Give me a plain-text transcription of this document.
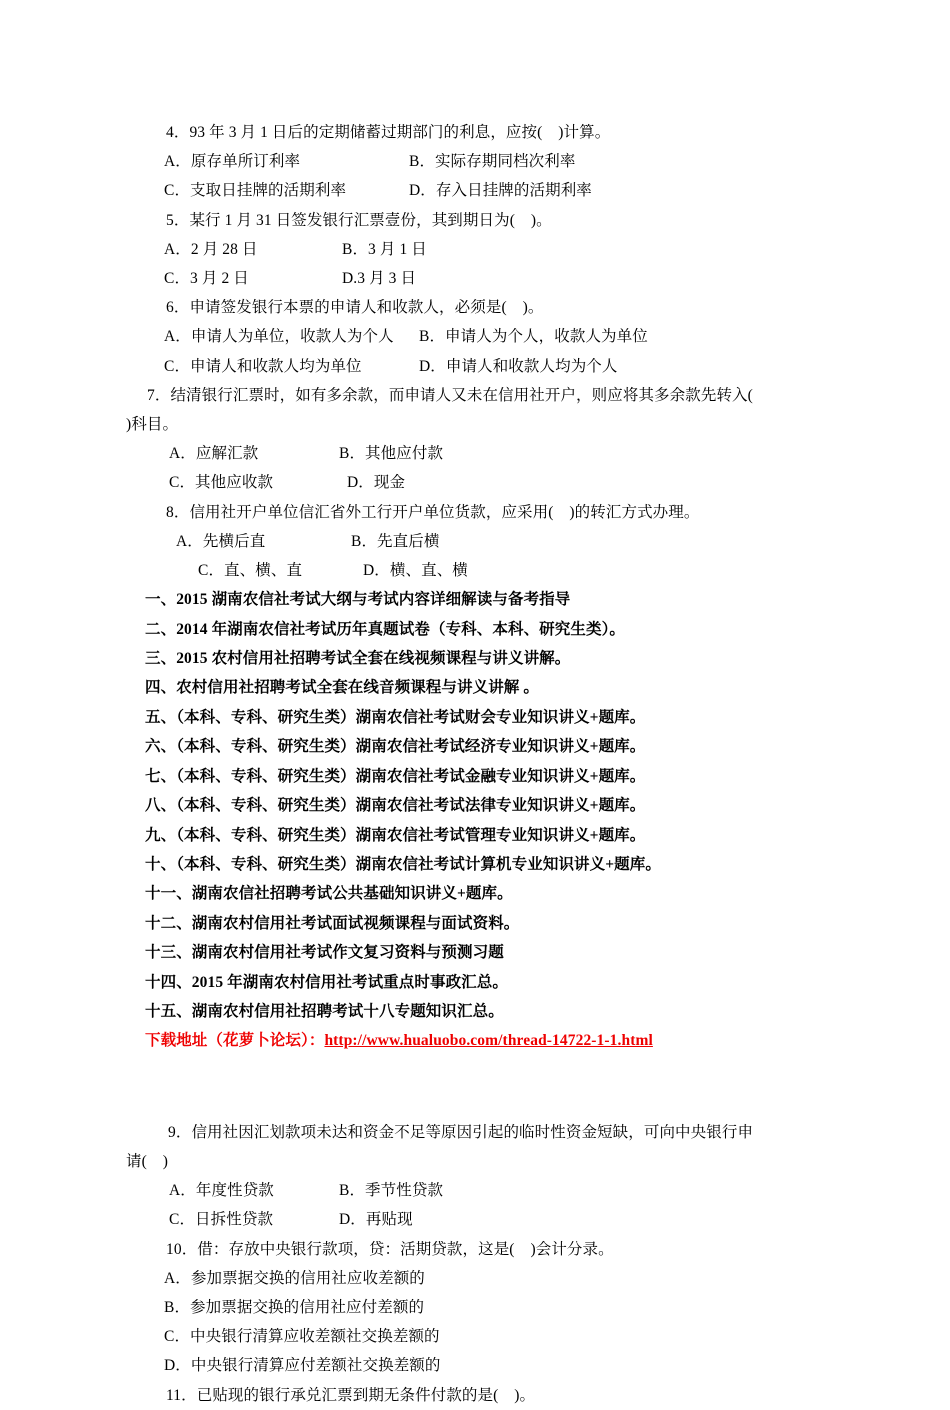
4．93 年 3 月 1 日后的定期储蓄过期部门的利息，应按(    )计算。

A．原存单所订利率	B．实际存期同档次利率

C．支取日挂牌的活期利率	D．存入日挂牌的活期利率

5．某行 1 月 31 日签发银行汇票壹份，其到期日为(    )。

A．2 月 28 日	B．3 月 1 日

C．3 月 2 日	D.3 月 3 日

6．申请签发银行本票的申请人和收款人，必须是(    )。

A．申请人为单位，收款人为个人 B．申请人为个人，收款人为单位

C．申请人和收款人均为单位	D．申请人和收款人均为个人

7．结清银行汇票时，如有多余款，而申请人又未在信用社开户，则应将其多余款先转入(

)科目。

A．应解汇款	B．其他应付款

C．其他应收款	D．现金

8．信用社开户单位信汇省外工行开户单位货款，应采用(    )的转汇方式办理。

A．先横后直	B．先直后横

C．直、横、直	D．横、直、横

一、2015 湖南农信社考试大纲与考试内容详细解读与备考指导
二、2014 年湖南农信社考试历年真题试卷（专科、本科、研究生类）。
三、2015 农村信用社招聘考试全套在线视频课程与讲义讲解。
四、农村信用社招聘考试全套在线音频课程与讲义讲解 。
五、（本科、专科、研究生类）湖南农信社考试财会专业知识讲义+题库。
六、（本科、专科、研究生类）湖南农信社考试经济专业知识讲义+题库。
七、（本科、专科、研究生类）湖南农信社考试金融专业知识讲义+题库。
八、（本科、专科、研究生类）湖南农信社考试法律专业知识讲义+题库。
九、（本科、专科、研究生类）湖南农信社考试管理专业知识讲义+题库。
十、（本科、专科、研究生类）湖南农信社考试计算机专业知识讲义+题库。
十一、湖南农信社招聘考试公共基础知识讲义+题库。
十二、湖南农村信用社考试面试视频课程与面试资料。
十三、湖南农村信用社考试作文复习资料与预测习题
十四、2015 年湖南农村信用社考试重点时事政汇总。
十五、湖南农村信用社招聘考试十八专题知识汇总。

下载地址（花萝卜论坛）：http://www.hualuobo.com/thread-14722-1-1.html

9．信用社因汇划款项未达和资金不足等原因引起的临时性资金短缺，可向中央银行申

请(    )

A．年度性贷款	B．季节性贷款

C．日拆性贷款	D．再贴现

10．借：存放中央银行款项，贷：活期贷款，这是(    )会计分录。

A．参加票据交换的信用社应收差额的

B．参加票据交换的信用社应付差额的

C．中央银行清算应收差额社交换差额的

D．中央银行清算应付差额社交换差额的

11．已贴现的银行承兑汇票到期无条件付款的是(    )。
